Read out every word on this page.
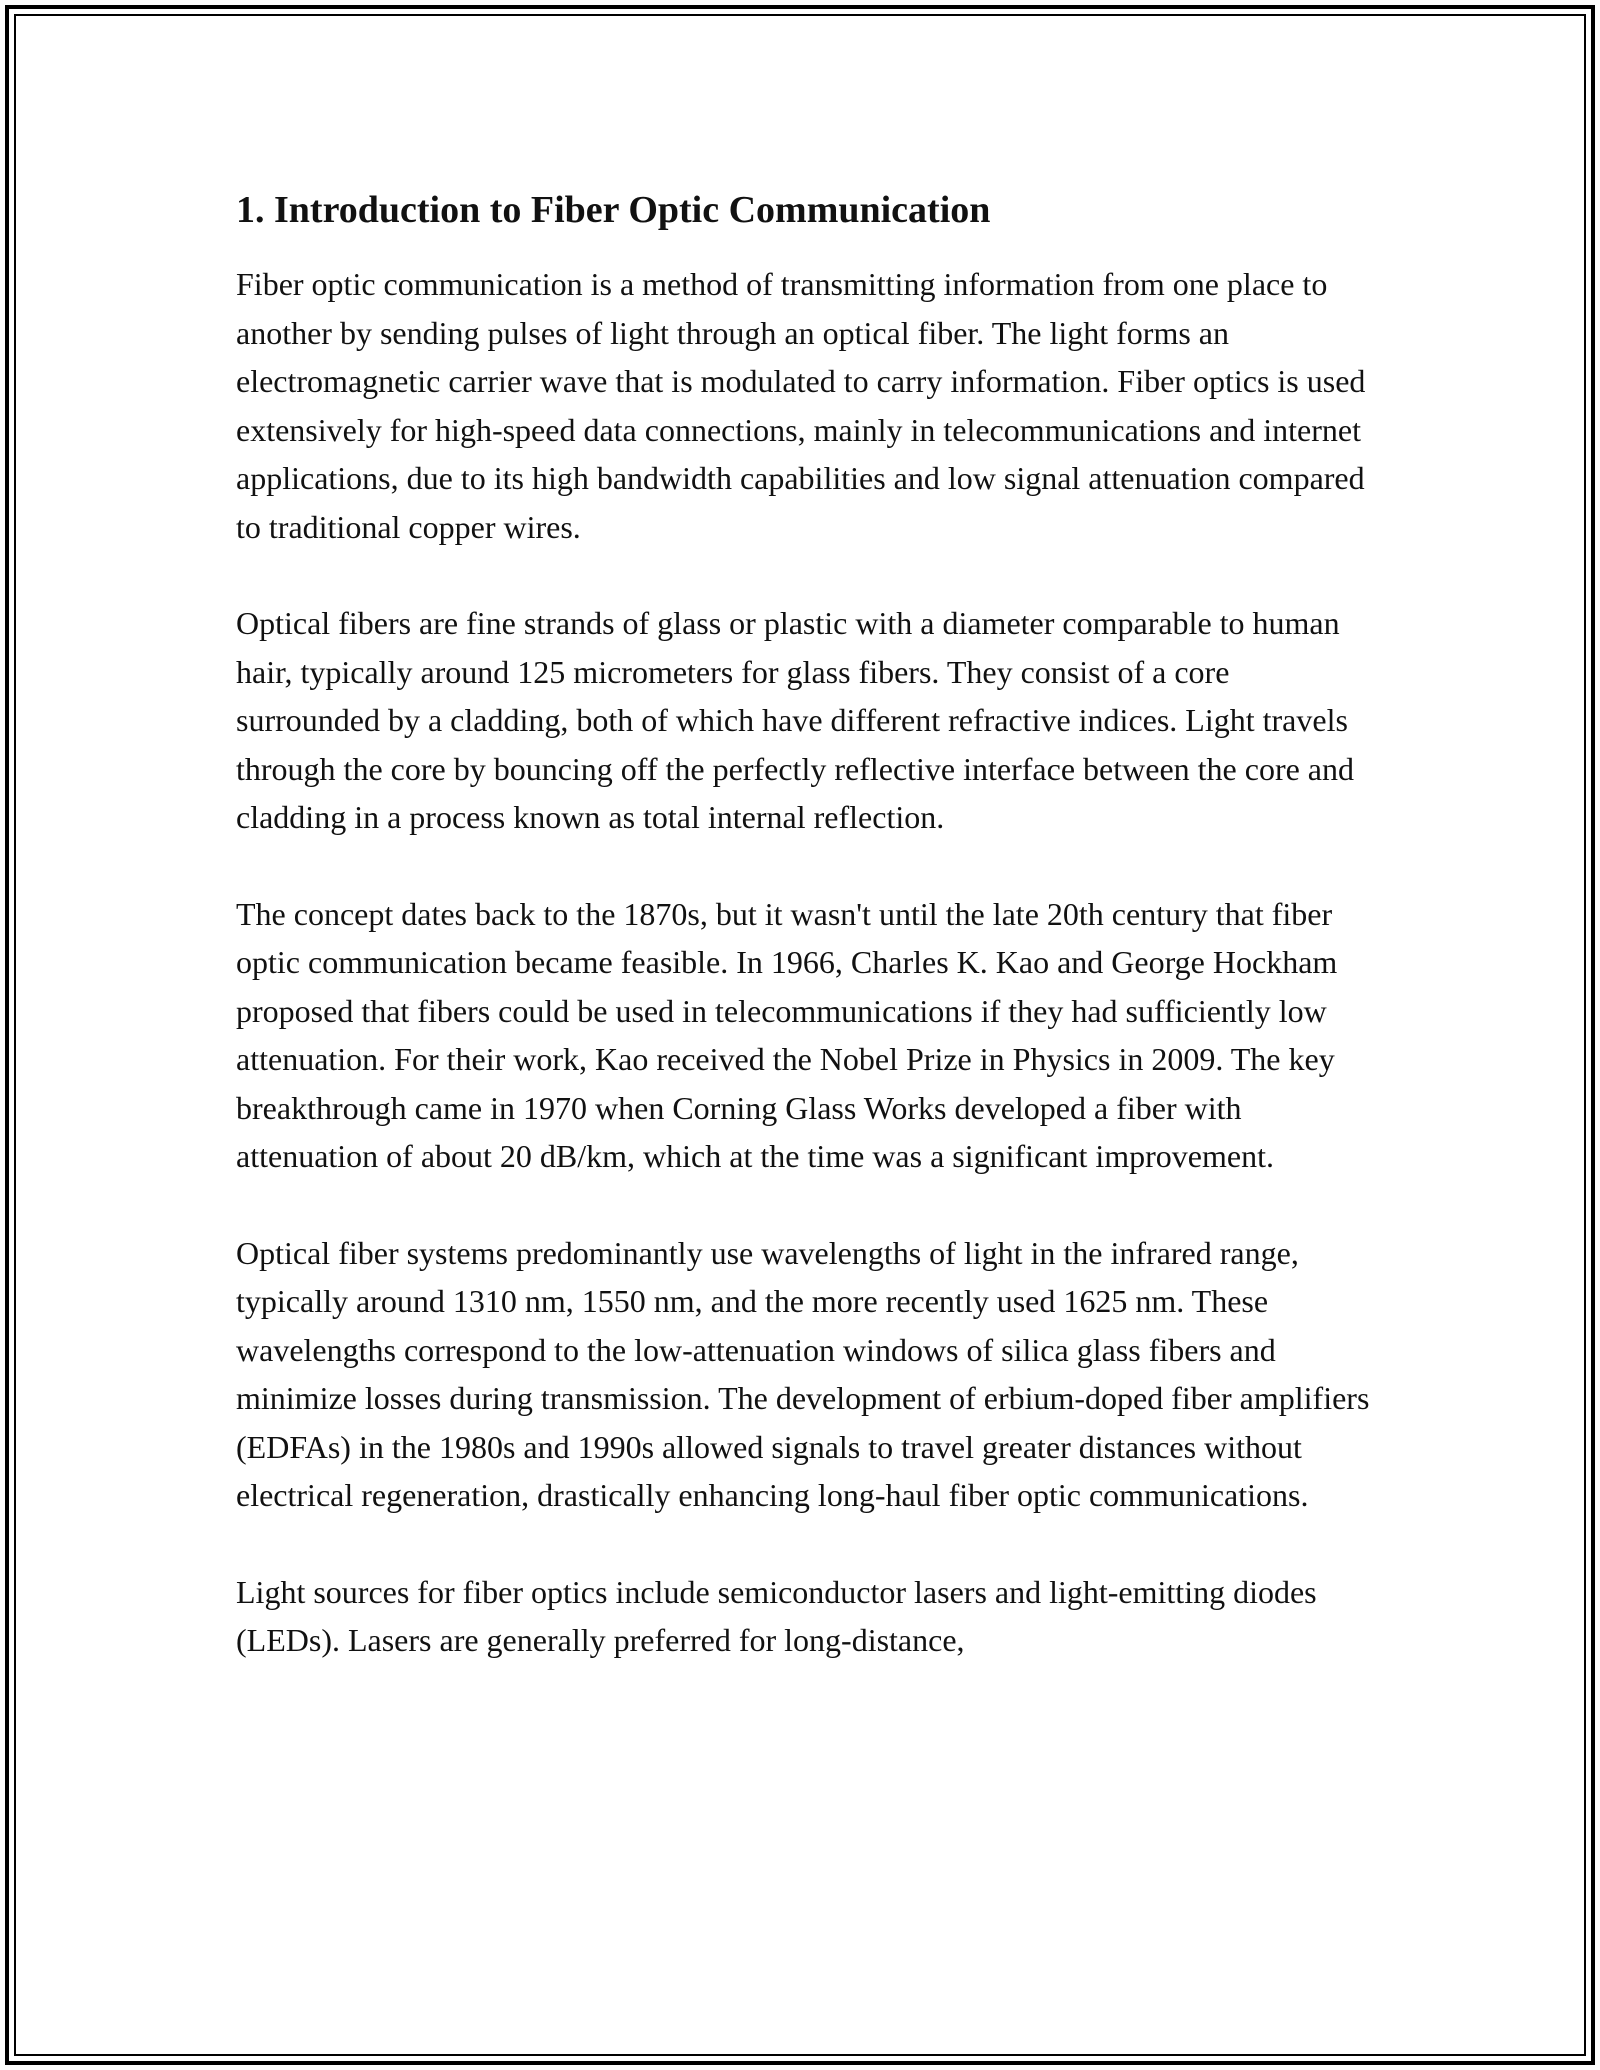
1. Introduction to Fiber Optic Communication

Fiber optic communication is a method of transmitting information from one place to another by sending pulses of light through an optical fiber. The light forms an electromagnetic carrier wave that is modulated to carry information. Fiber optics is used extensively for high-speed data connections, mainly in telecommunications and internet applications, due to its high bandwidth capabilities and low signal attenuation compared to traditional copper wires.

Optical fibers are fine strands of glass or plastic with a diameter comparable to human hair, typically around 125 micrometers for glass fibers. They consist of a core surrounded by a cladding, both of which have different refractive indices. Light travels through the core by bouncing off the perfectly reflective interface between the core and cladding in a process known as total internal reflection.

The concept dates back to the 1870s, but it wasn't until the late 20th century that fiber optic communication became feasible. In 1966, Charles K. Kao and George Hockham proposed that fibers could be used in telecommunications if they had sufficiently low attenuation. For their work, Kao received the Nobel Prize in Physics in 2009. The key breakthrough came in 1970 when Corning Glass Works developed a fiber with attenuation of about 20 dB/km, which at the time was a significant improvement.

Optical fiber systems predominantly use wavelengths of light in the infrared range, typically around 1310 nm, 1550 nm, and the more recently used 1625 nm. These wavelengths correspond to the low-attenuation windows of silica glass fibers and minimize losses during transmission. The development of erbium-doped fiber amplifiers (EDFAs) in the 1980s and 1990s allowed signals to travel greater distances without electrical regeneration, drastically enhancing long-haul fiber optic communications.

Light sources for fiber optics include semiconductor lasers and light-emitting diodes (LEDs). Lasers are generally preferred for long-distance,
